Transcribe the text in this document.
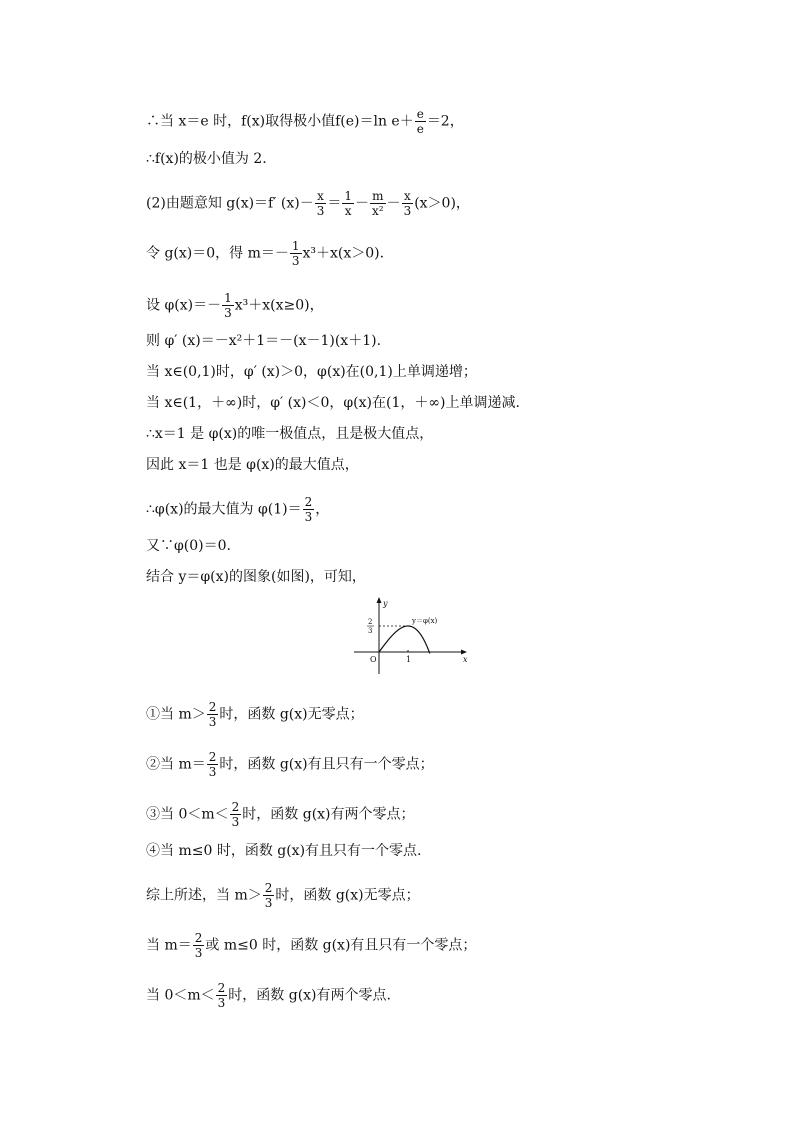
∴当 x＝e 时，f(x)取得极小值f(e)＝ln $e+ \frac{e}{e} =2$，
∴f(x)的极小值为 2.
(2)由题意知 g(x)＝f′ $(x)- \frac{x}{3} = \frac{1}{x} - \frac{m}{\text{x²}} - \frac{x}{3} (x>0)$，
令 g(x)＝0，得 $m=- \frac{1}{3} x^3+x(x>0)$.
设 $\varphi(x)=- \frac{1}{3} x^3+x(x\ge 0)$，
则 φ′ (x)＝－x²＋1＝－(x－1)(x＋1).
当 x∈(0,1)时，φ′ (x)＞0，φ(x)在(0,1)上单调递增；
当 x∈(1，＋∞)时，φ′ (x)＜0，φ(x)在(1，＋∞)上单调递减.
∴x＝1 是 φ(x)的唯一极值点，且是极大值点，
因此 x＝1 也是 φ(x)的最大值点，
∴φ(x)的最大值为 $\varphi(1)= \frac{2}{3}$ ，
又∵φ(0)＝0.
结合 y＝φ(x)的图象(如图)，可知，
①当 $m> \frac{2}{3}$ 时，函数 g(x)无零点；
②当 $m= \frac{2}{3}$ 时，函数 g(x)有且只有一个零点；
③当 $0<m< \frac{2}{3}$ 时，函数 g(x)有两个零点；
④当 m≤0 时，函数 g(x)有且只有一个零点.
综上所述，当 $m> \frac{2}{3}$ 时，函数 g(x)无零点；
当 $m= \frac{2}{3}$ 或 m≤0 时，函数 g(x)有且只有一个零点；
当 $0<m< \frac{2}{3}$ 时，函数 g(x)有两个零点.
y
x
O	1
2
3
y＝φ(x)
